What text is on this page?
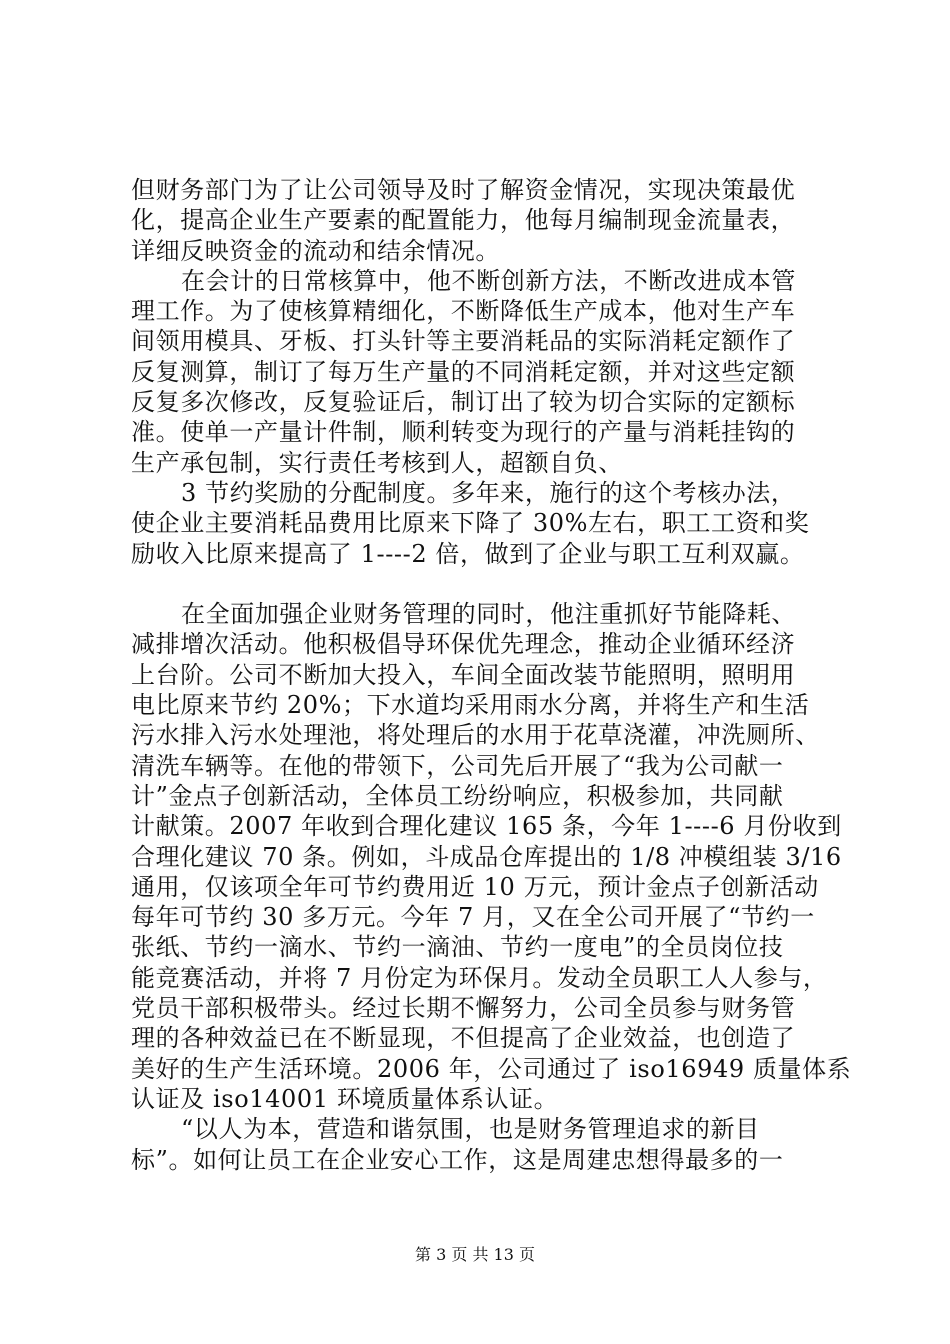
但财务部门为了让公司领导及时了解资金情况，实现决策最优
化，提高企业生产要素的配置能力，他每月编制现金流量表，
详细反映资金的流动和结余情况。
在会计的日常核算中，他不断创新方法，不断改进成本管
理工作。为了使核算精细化，不断降低生产成本，他对生产车
间领用模具、牙板、打头针等主要消耗品的实际消耗定额作了
反复测算，制订了每万生产量的不同消耗定额，并对这些定额
反复多次修改，反复验证后，制订出了较为切合实际的定额标
准。使单一产量计件制，顺利转变为现行的产量与消耗挂钩的
生产承包制，实行责任考核到人，超额自负、
3 节约奖励的分配制度。多年来，施行的这个考核办法，
使企业主要消耗品费用比原来下降了 30%左右，职工工资和奖
励收入比原来提高了 1----2 倍，做到了企业与职工互利双赢。
在全面加强企业财务管理的同时，他注重抓好节能降耗、
减排增次活动。他积极倡导环保优先理念，推动企业循环经济
上台阶。公司不断加大投入，车间全面改装节能照明，照明用
电比原来节约 20%；下水道均采用雨水分离，并将生产和生活
污水排入污水处理池，将处理后的水用于花草浇灌，冲洗厕所、
清洗车辆等。在他的带领下，公司先后开展了“我为公司献一
计”金点子创新活动，全体员工纷纷响应，积极参加，共同献
计献策。2007 年收到合理化建议 165 条，今年 1----6 月份收到
合理化建议 70 条。例如，斗成品仓库提出的 1/8 冲模组装 3/16
通用，仅该项全年可节约费用近 10 万元，预计金点子创新活动
每年可节约 30 多万元。今年 7 月，又在全公司开展了“节约一
张纸、节约一滴水、节约一滴油、节约一度电”的全员岗位技
能竞赛活动，并将 7 月份定为环保月。发动全员职工人人参与，
党员干部积极带头。经过长期不懈努力，公司全员参与财务管
理的各种效益已在不断显现，不但提高了企业效益，也创造了
美好的生产生活环境。2006 年，公司通过了 iso16949 质量体系
认证及 iso14001 环境质量体系认证。
“以人为本，营造和谐氛围，也是财务管理追求的新目
标”。如何让员工在企业安心工作，这是周建忠想得最多的一
第 3 页 共 13 页
